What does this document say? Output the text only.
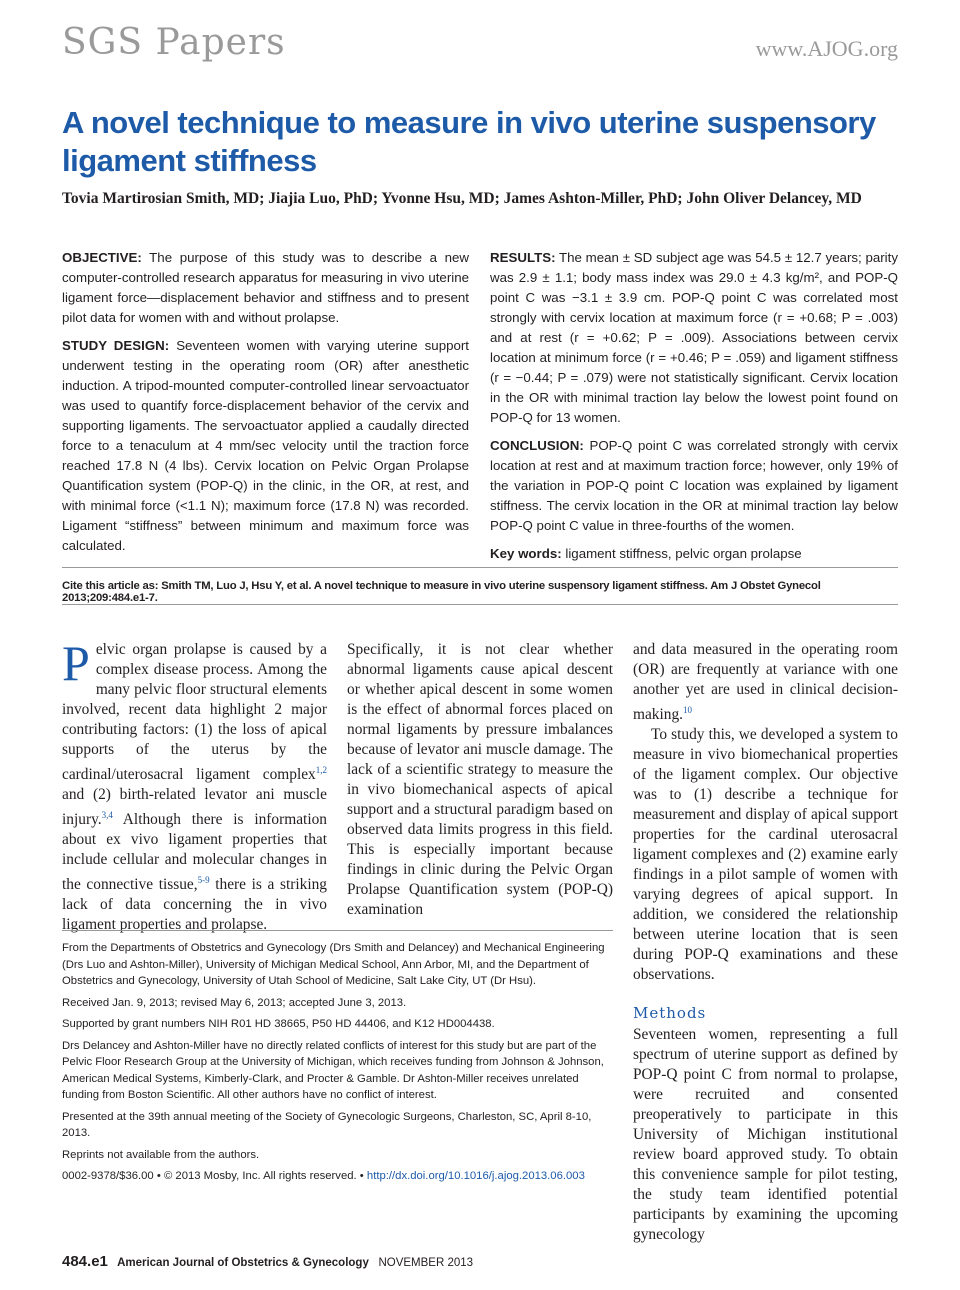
SGS Papers	www.AJOG.org
A novel technique to measure in vivo uterine suspensory ligament stiffness
Tovia Martirosian Smith, MD; Jiajia Luo, PhD; Yvonne Hsu, MD; James Ashton-Miller, PhD; John Oliver Delancey, MD

OBJECTIVE: The purpose of this study was to describe a new computer-controlled research apparatus for measuring in vivo uterine ligament force—displacement behavior and stiffness and to present pilot data for women with and without prolapse.

STUDY DESIGN: Seventeen women with varying uterine support underwent testing in the operating room (OR) after anesthetic induction. A tripod-mounted computer-controlled linear servoactuator was used to quantify force-displacement behavior of the cervix and supporting ligaments. The servoactuator applied a caudally directed force to a tenaculum at 4 mm/sec velocity until the traction force reached 17.8 N (4 lbs). Cervix location on Pelvic Organ Prolapse Quantification system (POP-Q) in the clinic, in the OR, at rest, and with minimal force (<1.1 N); maximum force (17.8 N) was recorded. Ligament “stiffness” between minimum and maximum force was calculated.

RESULTS: The mean ± SD subject age was 54.5 ± 12.7 years; parity was 2.9 ± 1.1; body mass index was 29.0 ± 4.3 kg/m², and POP-Q point C was −3.1 ± 3.9 cm. POP-Q point C was correlated most strongly with cervix location at maximum force (r = +0.68; P = .003) and at rest (r = +0.62; P = .009). Associations between cervix location at minimum force (r = +0.46; P = .059) and ligament stiffness (r = −0.44; P = .079) were not statistically significant. Cervix location in the OR with minimal traction lay below the lowest point found on POP-Q for 13 women.

CONCLUSION: POP-Q point C was correlated strongly with cervix location at rest and at maximum traction force; however, only 19% of the variation in POP-Q point C location was explained by ligament stiffness. The cervix location in the OR at minimal traction lay below POP-Q point C value in three-fourths of the women.

Key words: ligament stiffness, pelvic organ prolapse

Cite this article as: Smith TM, Luo J, Hsu Y, et al. A novel technique to measure in vivo uterine suspensory ligament stiffness. Am J Obstet Gynecol 2013;209:484.e1-7.

Pelvic organ prolapse is caused by a complex disease process. Among the many pelvic floor structural elements involved, recent data highlight 2 major contributing factors: (1) the loss of apical supports of the uterus by the cardinal/uterosacral ligament complex$^{1,2}$ and (2) birth-related levator ani muscle injury.$^{3,4}$ Although there is information about ex vivo ligament properties that include cellular and molecular changes in the connective tissue,$^{5-9}$ there is a striking lack of data concerning the in vivo ligament properties and prolapse.

Specifically, it is not clear whether abnormal ligaments cause apical descent or whether apical descent in some women is the effect of abnormal forces placed on normal ligaments by pressure imbalances because of levator ani muscle damage. The lack of a scientific strategy to measure the in vivo biomechanical aspects of apical support and a structural paradigm based on observed data limits progress in this field. This is especially important because findings in clinic during the Pelvic Organ Prolapse Quantification system (POP-Q) examination

From the Departments of Obstetrics and Gynecology (Drs Smith and Delancey) and Mechanical Engineering (Drs Luo and Ashton-Miller), University of Michigan Medical School, Ann Arbor, MI, and the Department of Obstetrics and Gynecology, University of Utah School of Medicine, Salt Lake City, UT (Dr Hsu).

Received Jan. 9, 2013; revised May 6, 2013; accepted June 3, 2013.

Supported by grant numbers NIH R01 HD 38665, P50 HD 44406, and K12 HD004438.

Drs Delancey and Ashton-Miller have no directly related conflicts of interest for this study but are part of the Pelvic Floor Research Group at the University of Michigan, which receives funding from Johnson & Johnson, American Medical Systems, Kimberly-Clark, and Procter & Gamble. Dr Ashton-Miller receives unrelated funding from Boston Scientific. All other authors have no conflict of interest.

Presented at the 39th annual meeting of the Society of Gynecologic Surgeons, Charleston, SC, April 8-10, 2013.

Reprints not available from the authors.

0002-9378/$36.00 • © 2013 Mosby, Inc. All rights reserved. • http://dx.doi.org/10.1016/j.ajog.2013.06.003

and data measured in the operating room (OR) are frequently at variance with one another yet are used in clinical decision-making.$^{10}$

To study this, we developed a system to measure in vivo biomechanical properties of the ligament complex. Our objective was to (1) describe a technique for measurement and display of apical support properties for the cardinal uterosacral ligament complexes and (2) examine early findings in a pilot sample of women with varying degrees of apical support. In addition, we considered the relationship between uterine location that is seen during POP-Q examinations and these observations.

Methods

Seventeen women, representing a full spectrum of uterine support as defined by POP-Q point C from normal to prolapse, were recruited and consented preoperatively to participate in this University of Michigan institutional review board approved study. To obtain this convenience sample for pilot testing, the study team identified potential participants by examining the upcoming gynecology

484.e1 American Journal of Obstetrics & Gynecology NOVEMBER 2013
